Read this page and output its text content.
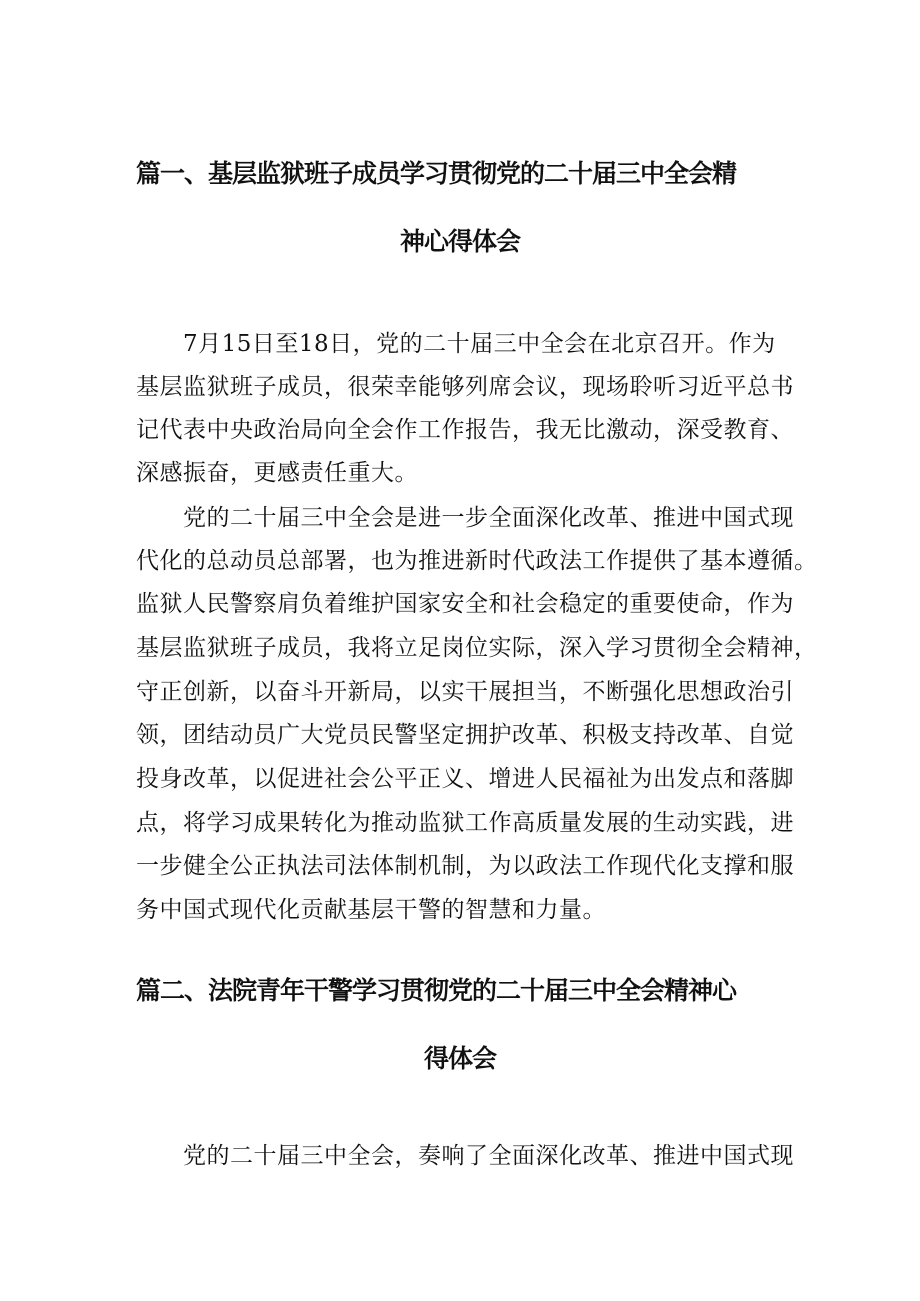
篇一、基层监狱班子成员学习贯彻党的二十届三中全会精
神心得体会
7月15日至18日，党的二十届三中全会在北京召开。作为
基层监狱班子成员，很荣幸能够列席会议，现场聆听习近平总书
记代表中央政治局向全会作工作报告，我无比激动，深受教育、
深感振奋，更感责任重大。
党的二十届三中全会是进一步全面深化改革、推进中国式现
代化的总动员总部署，也为推进新时代政法工作提供了基本遵循。
监狱人民警察肩负着维护国家安全和社会稳定的重要使命，作为
基层监狱班子成员，我将立足岗位实际，深入学习贯彻全会精神，
守正创新，以奋斗开新局，以实干展担当，不断强化思想政治引
领，团结动员广大党员民警坚定拥护改革、积极支持改革、自觉
投身改革，以促进社会公平正义、增进人民福祉为出发点和落脚
点，将学习成果转化为推动监狱工作高质量发展的生动实践，进
一步健全公正执法司法体制机制，为以政法工作现代化支撑和服
务中国式现代化贡献基层干警的智慧和力量。
篇二、法院青年干警学习贯彻党的二十届三中全会精神心
得体会
党的二十届三中全会，奏响了全面深化改革、推进中国式现
